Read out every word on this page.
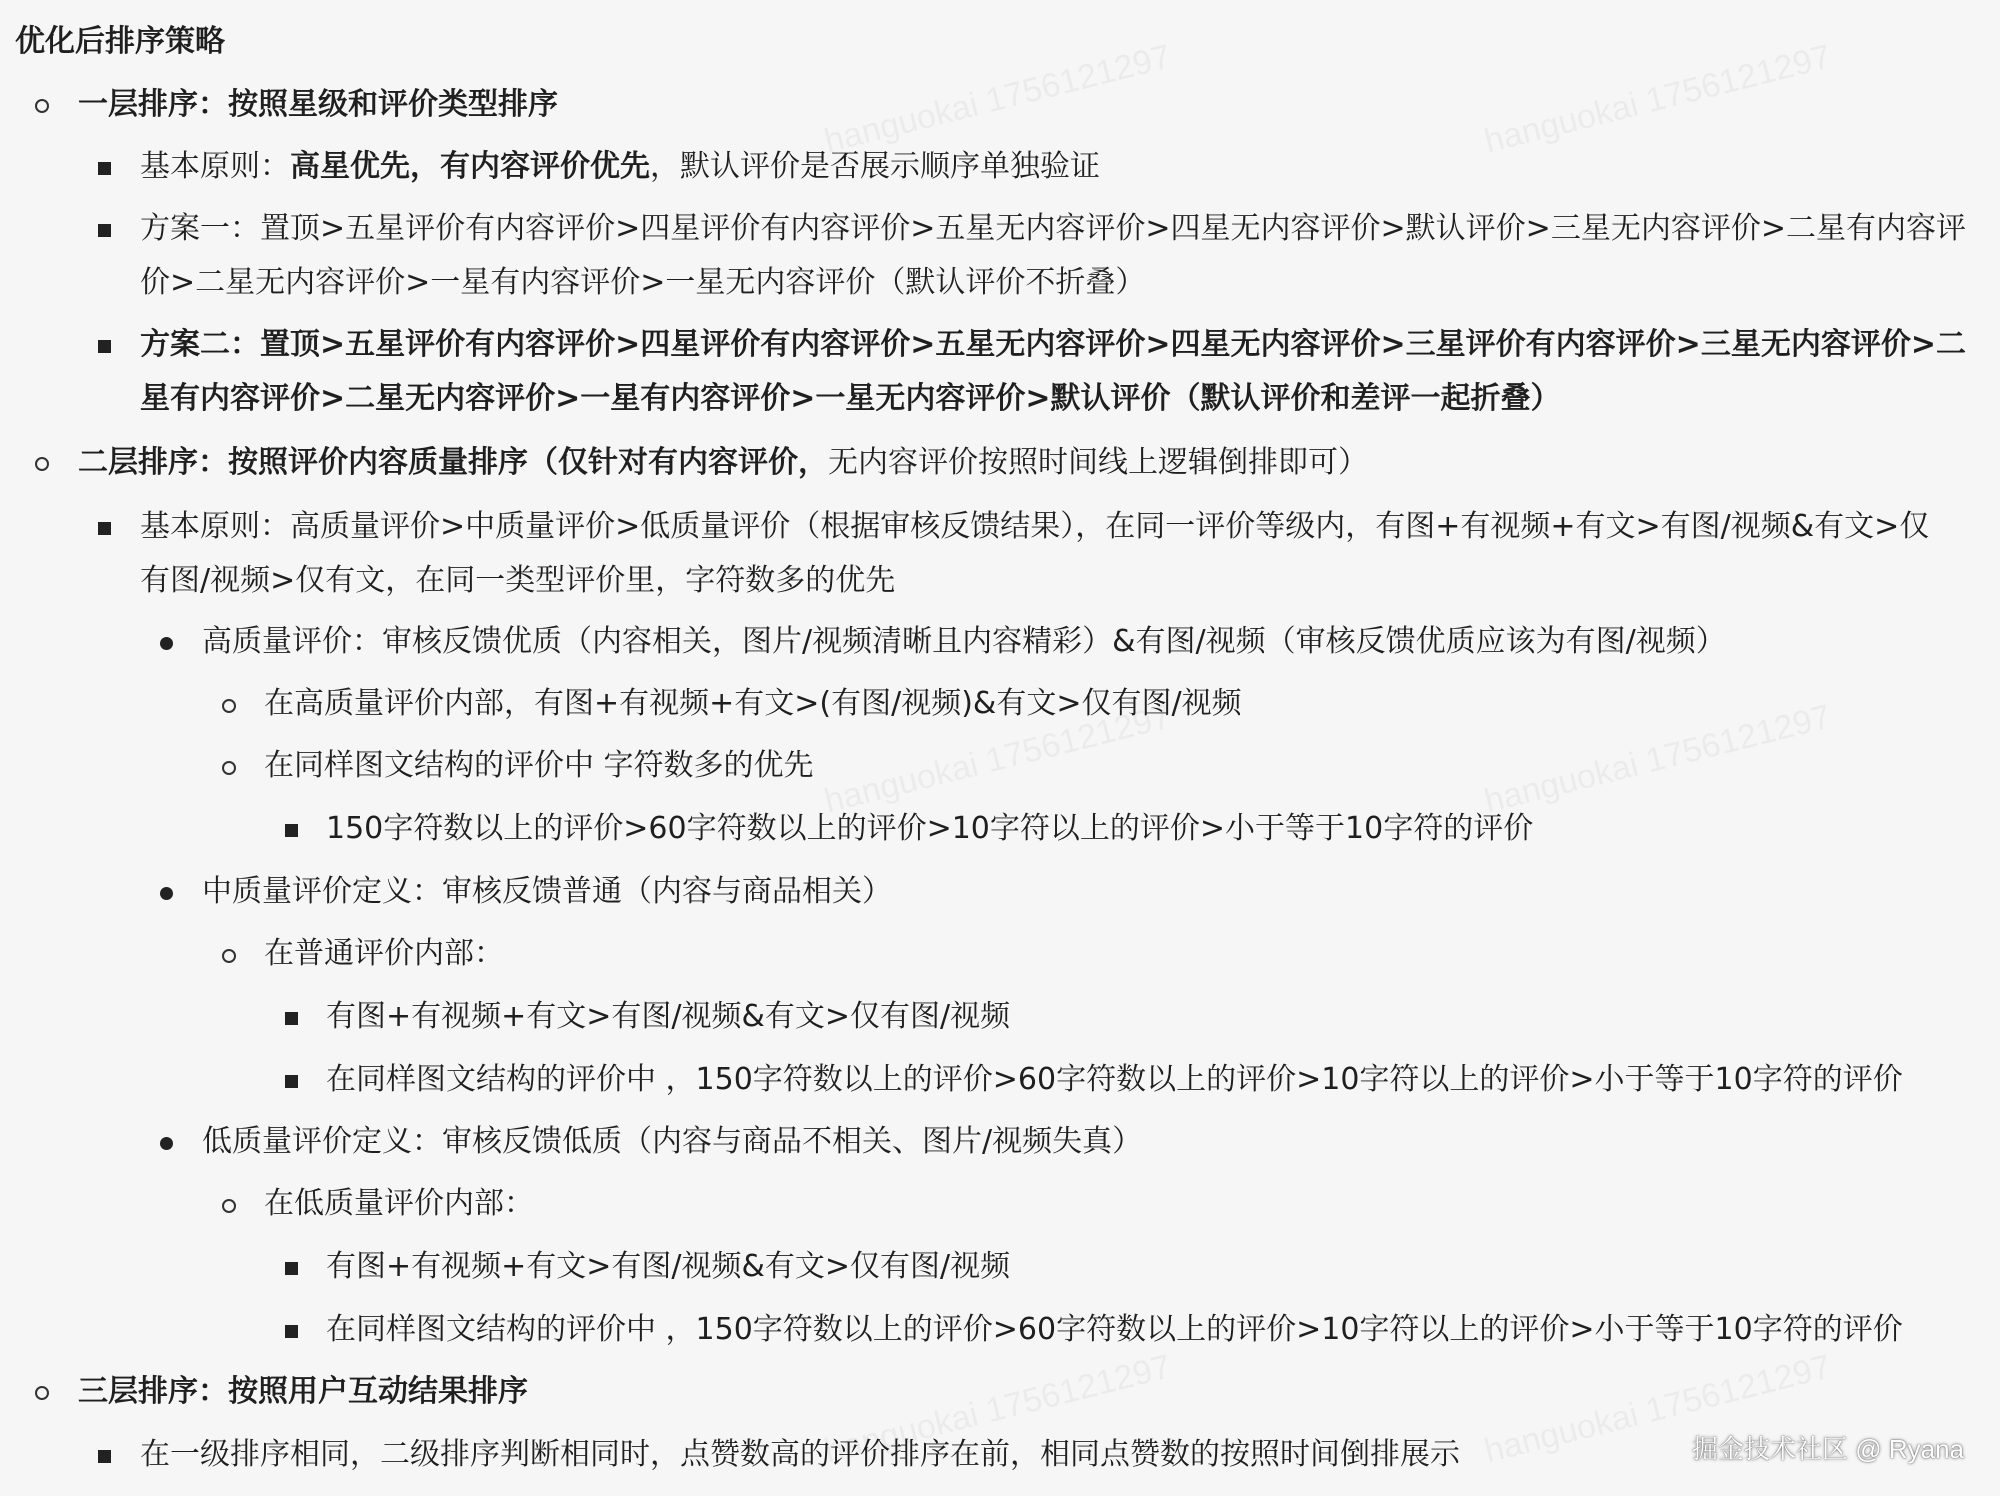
优化后排序策略
一层排序：按照星级和评价类型排序
基本原则：高星优先，有内容评价优先，默认评价是否展示顺序单独验证
方案一：置顶>五星评价有内容评价>四星评价有内容评价>五星无内容评价>四星无内容评价>默认评价>三星无内容评价>二星有内容评
价>二星无内容评价>一星有内容评价>一星无内容评价（默认评价不折叠）
方案二：置顶>五星评价有内容评价>四星评价有内容评价>五星无内容评价>四星无内容评价>三星评价有内容评价>三星无内容评价>二
星有内容评价>二星无内容评价>一星有内容评价>一星无内容评价>默认评价（默认评价和差评一起折叠）
二层排序：按照评价内容质量排序（仅针对有内容评价，无内容评价按照时间线上逻辑倒排即可）
基本原则：高质量评价>中质量评价>低质量评价（根据审核反馈结果），在同一评价等级内，有图+有视频+有文>有图/视频&有文>仅
有图/视频>仅有文，在同一类型评价里，字符数多的优先
高质量评价：审核反馈优质（内容相关，图片/视频清晰且内容精彩）&有图/视频（审核反馈优质应该为有图/视频）
在高质量评价内部，有图+有视频+有文>(有图/视频)&有文>仅有图/视频
在同样图文结构的评价中 字符数多的优先
150字符数以上的评价>60字符数以上的评价>10字符以上的评价>小于等于10字符的评价
中质量评价定义：审核反馈普通（内容与商品相关）
在普通评价内部：
有图+有视频+有文>有图/视频&有文>仅有图/视频
在同样图文结构的评价中 ，150字符数以上的评价>60字符数以上的评价>10字符以上的评价>小于等于10字符的评价
低质量评价定义：审核反馈低质（内容与商品不相关、图片/视频失真）
在低质量评价内部：
有图+有视频+有文>有图/视频&有文>仅有图/视频
在同样图文结构的评价中 ，150字符数以上的评价>60字符数以上的评价>10字符以上的评价>小于等于10字符的评价
三层排序：按照用户互动结果排序
在一级排序相同，二级排序判断相同时，点赞数高的评价排序在前，相同点赞数的按照时间倒排展示	掘金技术社区 @ Ryana
